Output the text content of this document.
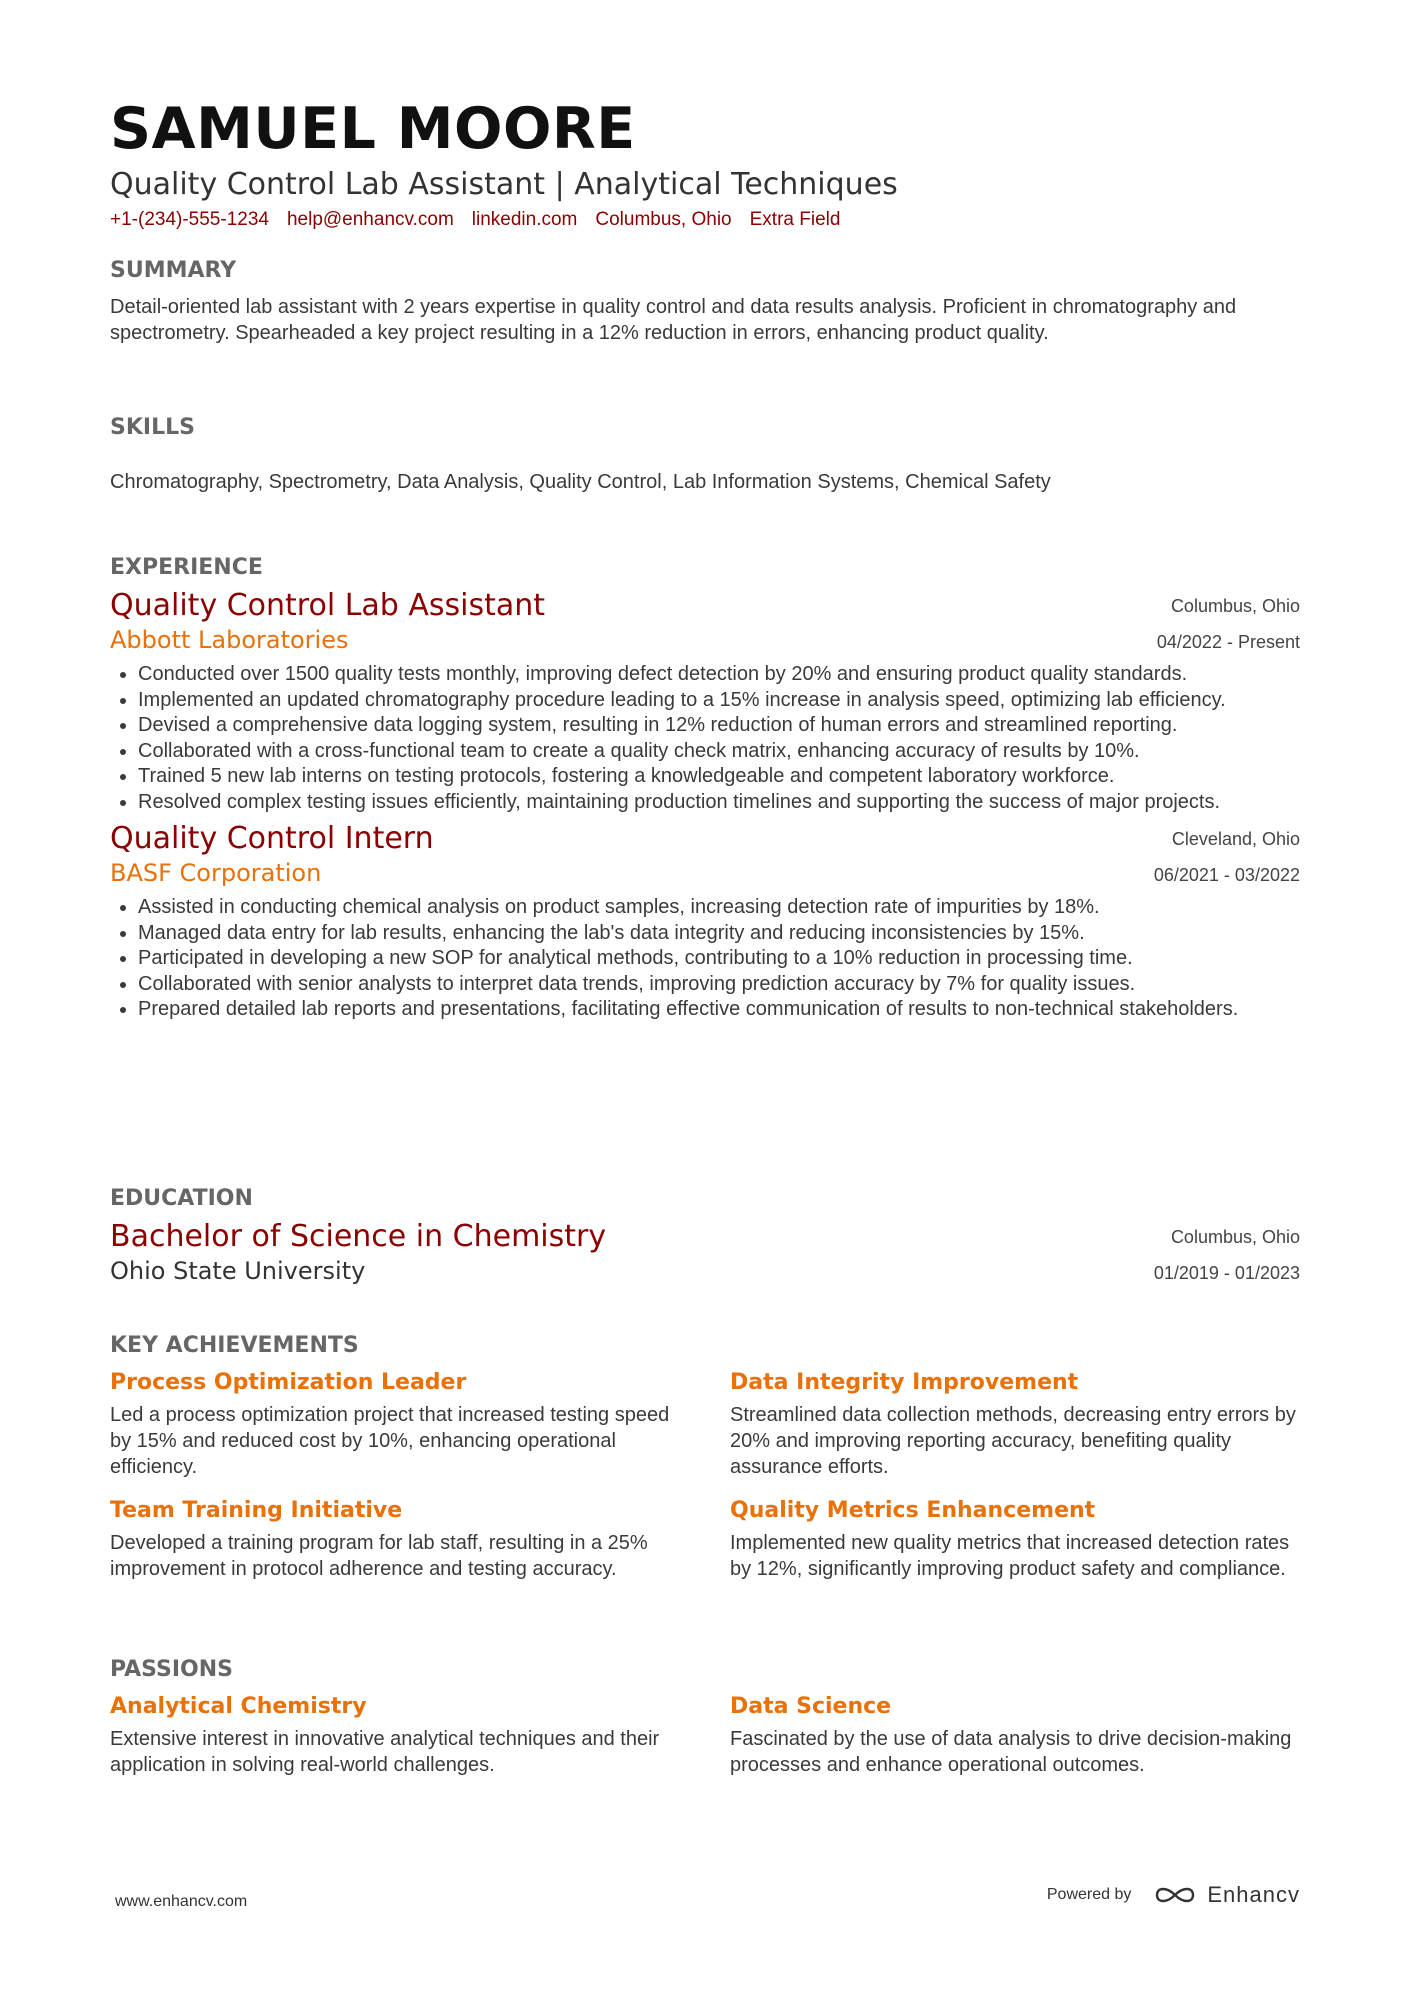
SAMUEL MOORE
Quality Control Lab Assistant | Analytical Techniques
+1-(234)-555-1234 help@enhancv.com linkedin.com Columbus, Ohio Extra Field
SUMMARY

Detail-oriented lab assistant with 2 years expertise in quality control and data results analysis. Proficient in chromatography and spectrometry. Spearheaded a key project resulting in a 12% reduction in errors, enhancing product quality.

SKILLS

Chromatography, Spectrometry, Data Analysis, Quality Control, Lab Information Systems, Chemical Safety

EXPERIENCE
Quality Control Lab Assistant
Abbott Laboratories
Columbus, Ohio
04/2022 - Present
• Conducted over 1500 quality tests monthly, improving defect detection by 20% and ensuring product quality standards.
• Implemented an updated chromatography procedure leading to a 15% increase in analysis speed, optimizing lab efficiency.
• Devised a comprehensive data logging system, resulting in 12% reduction of human errors and streamlined reporting.
• Collaborated with a cross-functional team to create a quality check matrix, enhancing accuracy of results by 10%.
• Trained 5 new lab interns on testing protocols, fostering a knowledgeable and competent laboratory workforce.
• Resolved complex testing issues efficiently, maintaining production timelines and supporting the success of major projects.
Quality Control Intern
BASF Corporation
Cleveland, Ohio
06/2021 - 03/2022
• Assisted in conducting chemical analysis on product samples, increasing detection rate of impurities by 18%.
• Managed data entry for lab results, enhancing the lab's data integrity and reducing inconsistencies by 15%.
• Participated in developing a new SOP for analytical methods, contributing to a 10% reduction in processing time.
• Collaborated with senior analysts to interpret data trends, improving prediction accuracy by 7% for quality issues.
• Prepared detailed lab reports and presentations, facilitating effective communication of results to non-technical stakeholders.
EDUCATION
Bachelor of Science in Chemistry
Ohio State University
Columbus, Ohio
01/2019 - 01/2023
KEY ACHIEVEMENTS
Process Optimization Leader
Led a process optimization project that increased testing speed by 15% and reduced cost by 10%, enhancing operational efficiency.
Data Integrity Improvement
Streamlined data collection methods, decreasing entry errors by 20% and improving reporting accuracy, benefiting quality assurance efforts.
Team Training Initiative
Developed a training program for lab staff, resulting in a 25% improvement in protocol adherence and testing accuracy.
Quality Metrics Enhancement
Implemented new quality metrics that increased detection rates by 12%, significantly improving product safety and compliance.
PASSIONS
Analytical Chemistry
Extensive interest in innovative analytical techniques and their application in solving real-world challenges.
Data Science
Fascinated by the use of data analysis to drive decision-making processes and enhance operational outcomes.
www.enhancv.com	Powered by	Enhancv
